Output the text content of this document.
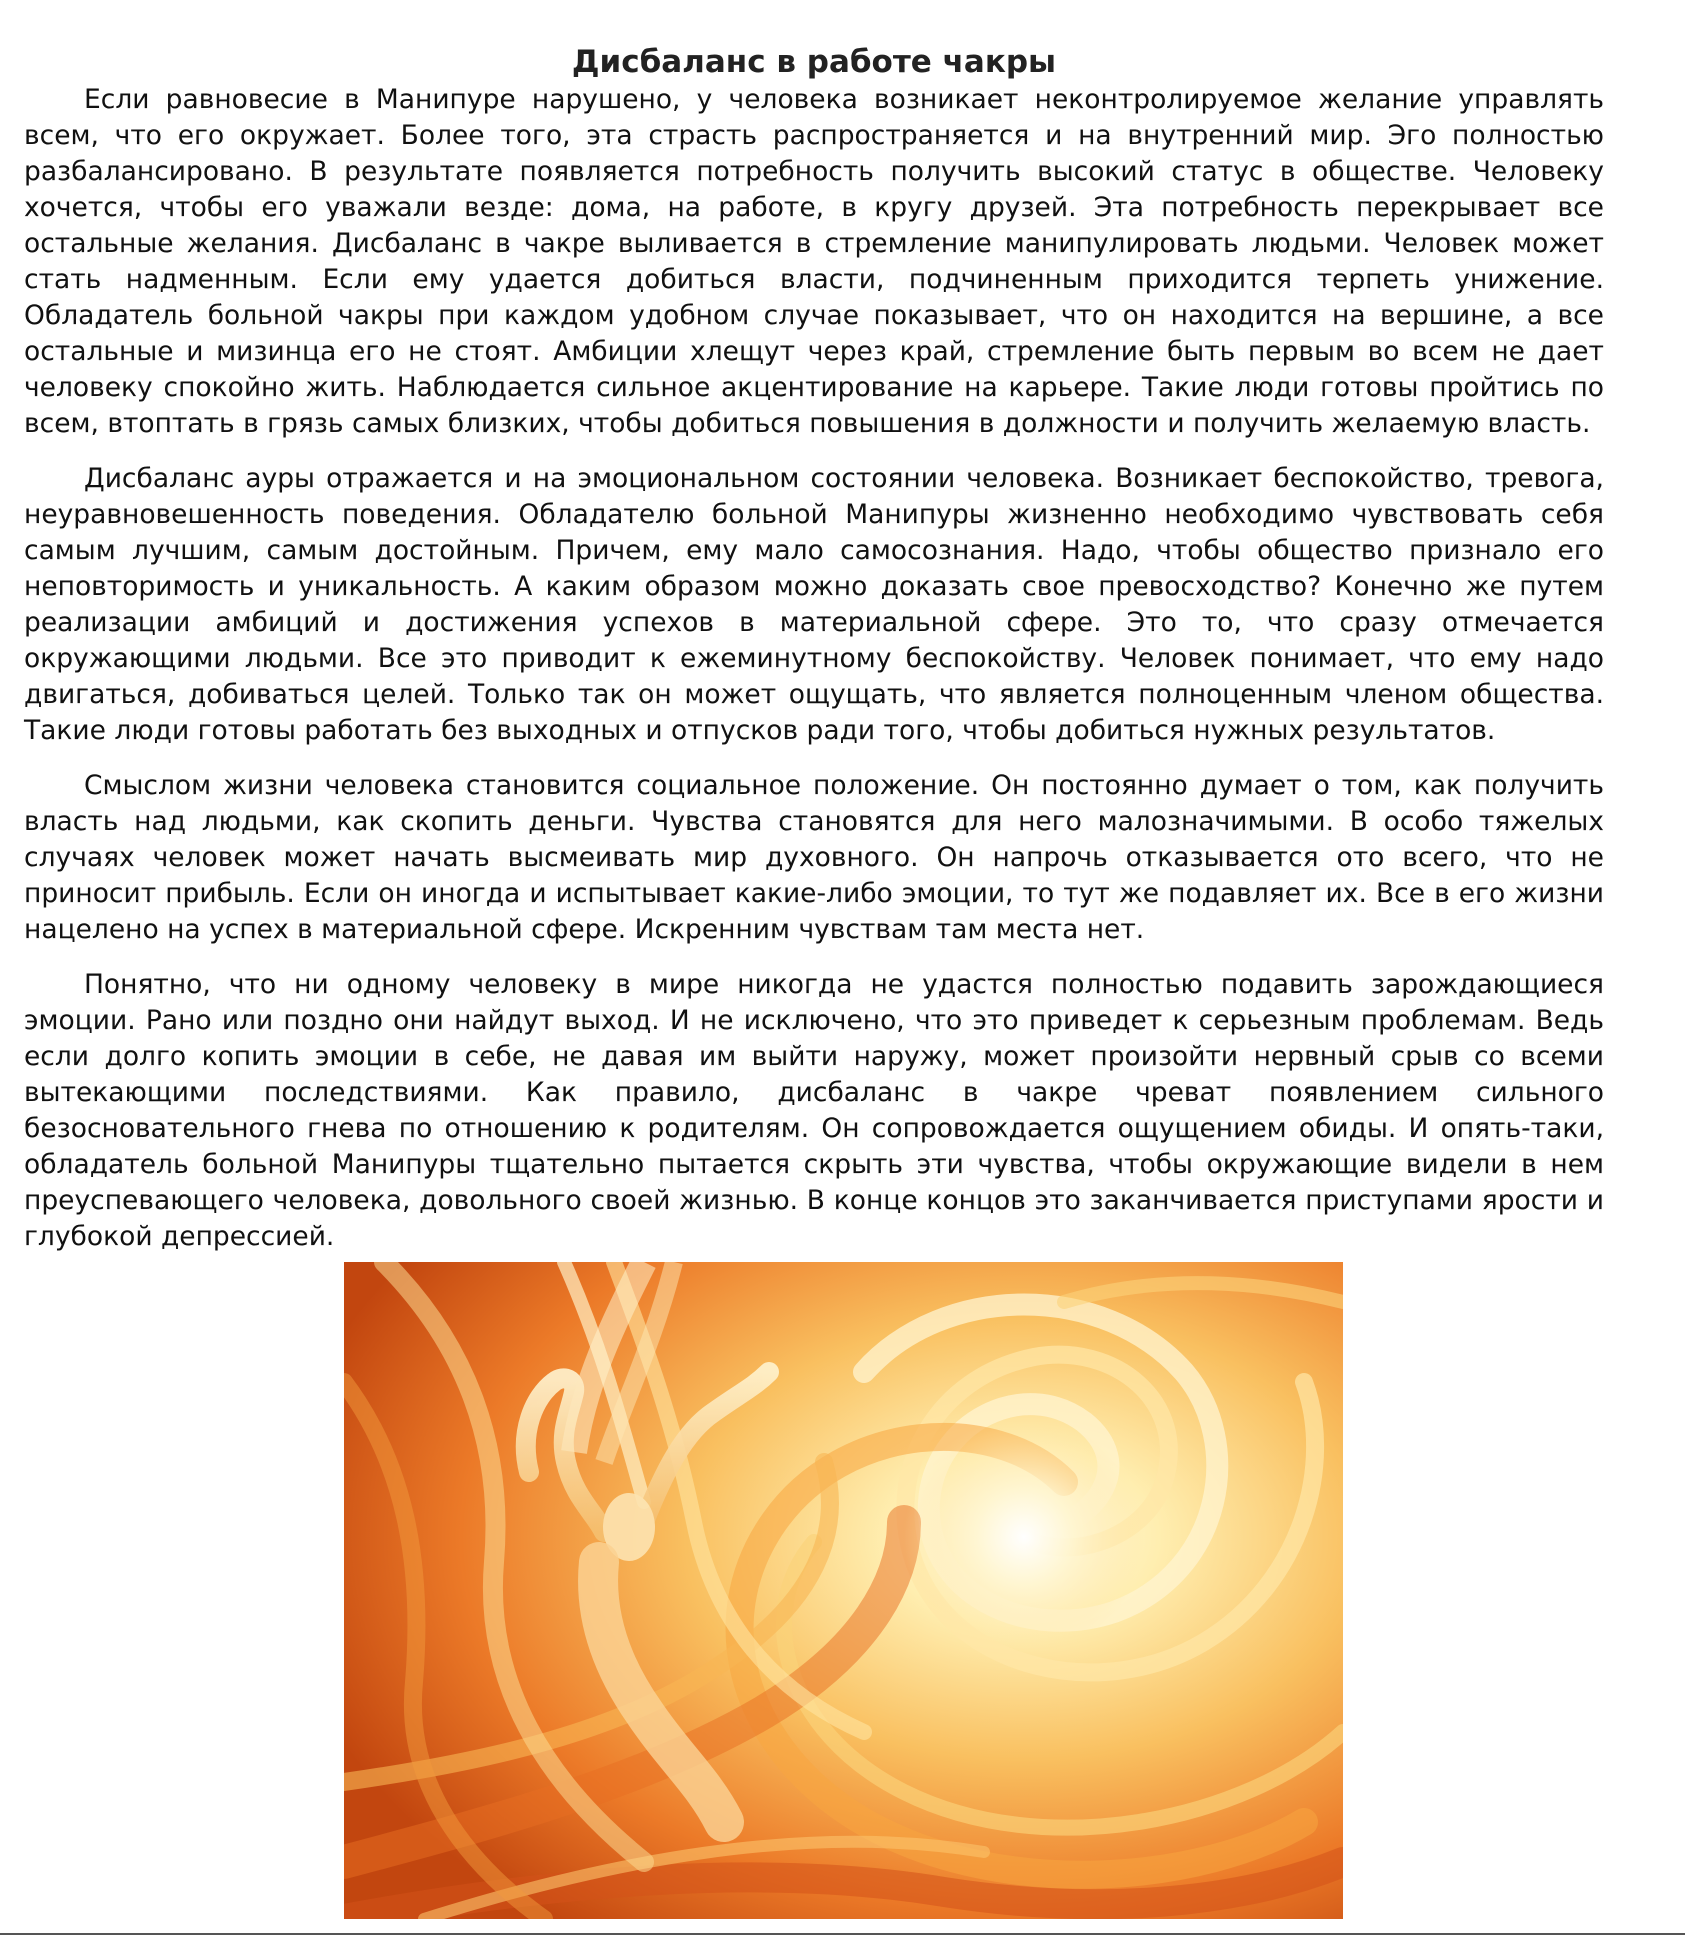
Дисбаланс в работе чакры

Если равновесие в Манипуре нарушено, у человека возникает неконтролируемое желание управлять всем, что его окружает. Более того, эта страсть распространяется и на внутренний мир. Эго полностью разбалансировано. В результате появляется потребность получить высокий статус в обществе. Человеку хочется, чтобы его уважали везде: дома, на работе, в кругу друзей. Эта потребность перекрывает все остальные желания. Дисбаланс в чакре выливается в стремление манипулировать людьми. Человек может стать надменным. Если ему удается добиться власти, подчиненным приходится терпеть унижение. Обладатель больной чакры при каждом удобном случае показывает, что он находится на вершине, а все остальные и мизинца его не стоят. Амбиции хлещут через край, стремление быть первым во всем не дает человеку спокойно жить. Наблюдается сильное акцентирование на карьере. Такие люди готовы пройтись по всем, втоптать в грязь самых близких, чтобы добиться повышения в должности и получить желаемую власть.

Дисбаланс ауры отражается и на эмоциональном состоянии человека. Возникает беспокойство, тревога, неуравновешенность поведения. Обладателю больной Манипуры жизненно необходимо чувствовать себя самым лучшим, самым достойным. Причем, ему мало самосознания. Надо, чтобы общество признало его неповторимость и уникальность. А каким образом можно доказать свое превосходство? Конечно же путем реализации амбиций и достижения успехов в материальной сфере. Это то, что сразу отмечается окружающими людьми. Все это приводит к ежеминутному беспокойству. Человек понимает, что ему надо двигаться, добиваться целей. Только так он может ощущать, что является полноценным членом общества. Такие люди готовы работать без выходных и отпусков ради того, чтобы добиться нужных результатов.

Смыслом жизни человека становится социальное положение. Он постоянно думает о том, как получить власть над людьми, как скопить деньги. Чувства становятся для него малозначимыми. В особо тяжелых случаях человек может начать высмеивать мир духовного. Он напрочь отказывается ото всего, что не приносит прибыль. Если он иногда и испытывает какие-либо эмоции, то тут же подавляет их. Все в его жизни нацелено на успех в материальной сфере. Искренним чувствам там места нет.

Понятно, что ни одному человеку в мире никогда не удастся полностью подавить зарождающиеся эмоции. Рано или поздно они найдут выход. И не исключено, что это приведет к серьезным проблемам. Ведь если долго копить эмоции в себе, не давая им выйти наружу, может произойти нервный срыв со всеми вытекающими последствиями. Как правило, дисбаланс в чакре чреват появлением сильного безосновательного гнева по отношению к родителям. Он сопровождается ощущением обиды. И опять-таки, обладатель больной Манипуры тщательно пытается скрыть эти чувства, чтобы окружающие видели в нем преуспевающего человека, довольного своей жизнью. В конце концов это заканчивается приступами ярости и глубокой депрессией.
